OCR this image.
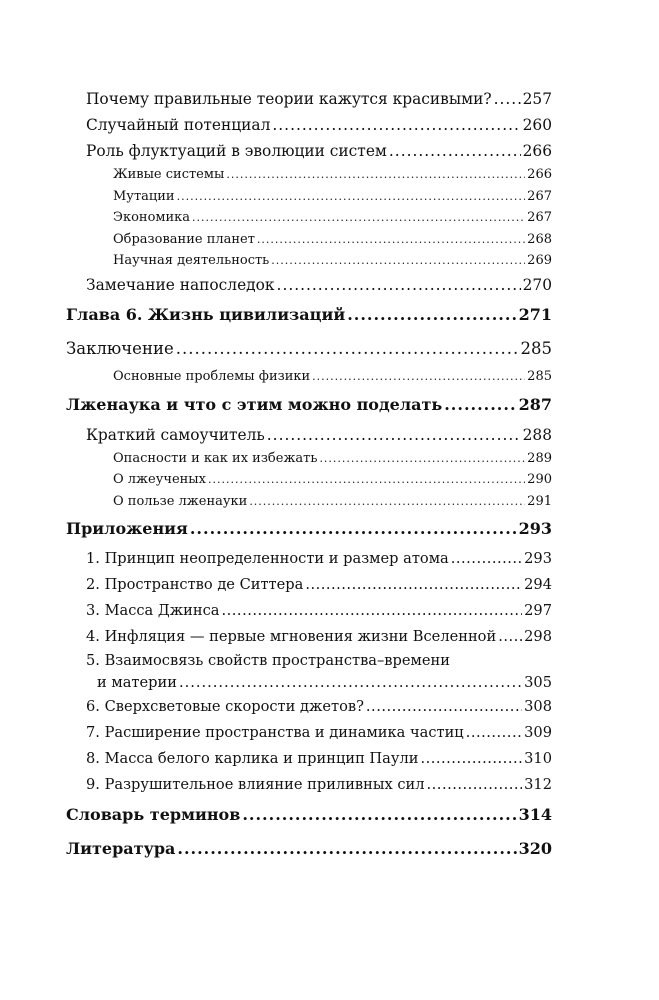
Почему правильные теории кажутся красивыми? ..... 257
Случайный потенциал .....	260
Роль флуктуаций в эволюции систем .....	266
Живые системы .....	266
Мутации .....	267
Экономика .....	267
Образование планет .....	268
Научная деятельность .....	269
Замечание напоследок .....	270
Глава 6. Жизнь цивилизаций .....	271
Заключение .....	285
Основные проблемы физики .....	285
Лженаука и что с этим можно поделать .....	287
Краткий самоучитель .....	288
Опасности и как их избежать .....	289
О лжеученых .....	290
О пользе лженауки .....	291
Приложения .....	293
1. Принцип неопределенности и размер атома .....	293
2. Пространство де Ситтера .....	294
3. Масса Джинса .....	297
4. Инфляция — первые мгновения жизни Вселенной ..... 298
5. Взаимосвязь свойств пространства–времени
и материи .....	305
6. Сверхсветовые скорости джетов? .....	308
7. Расширение пространства и динамика частиц .....	309
8. Масса белого карлика и принцип Паули .....	310
9. Разрушительное влияние приливных сил .....	312
Словарь терминов .....	314
Литература .....	320
